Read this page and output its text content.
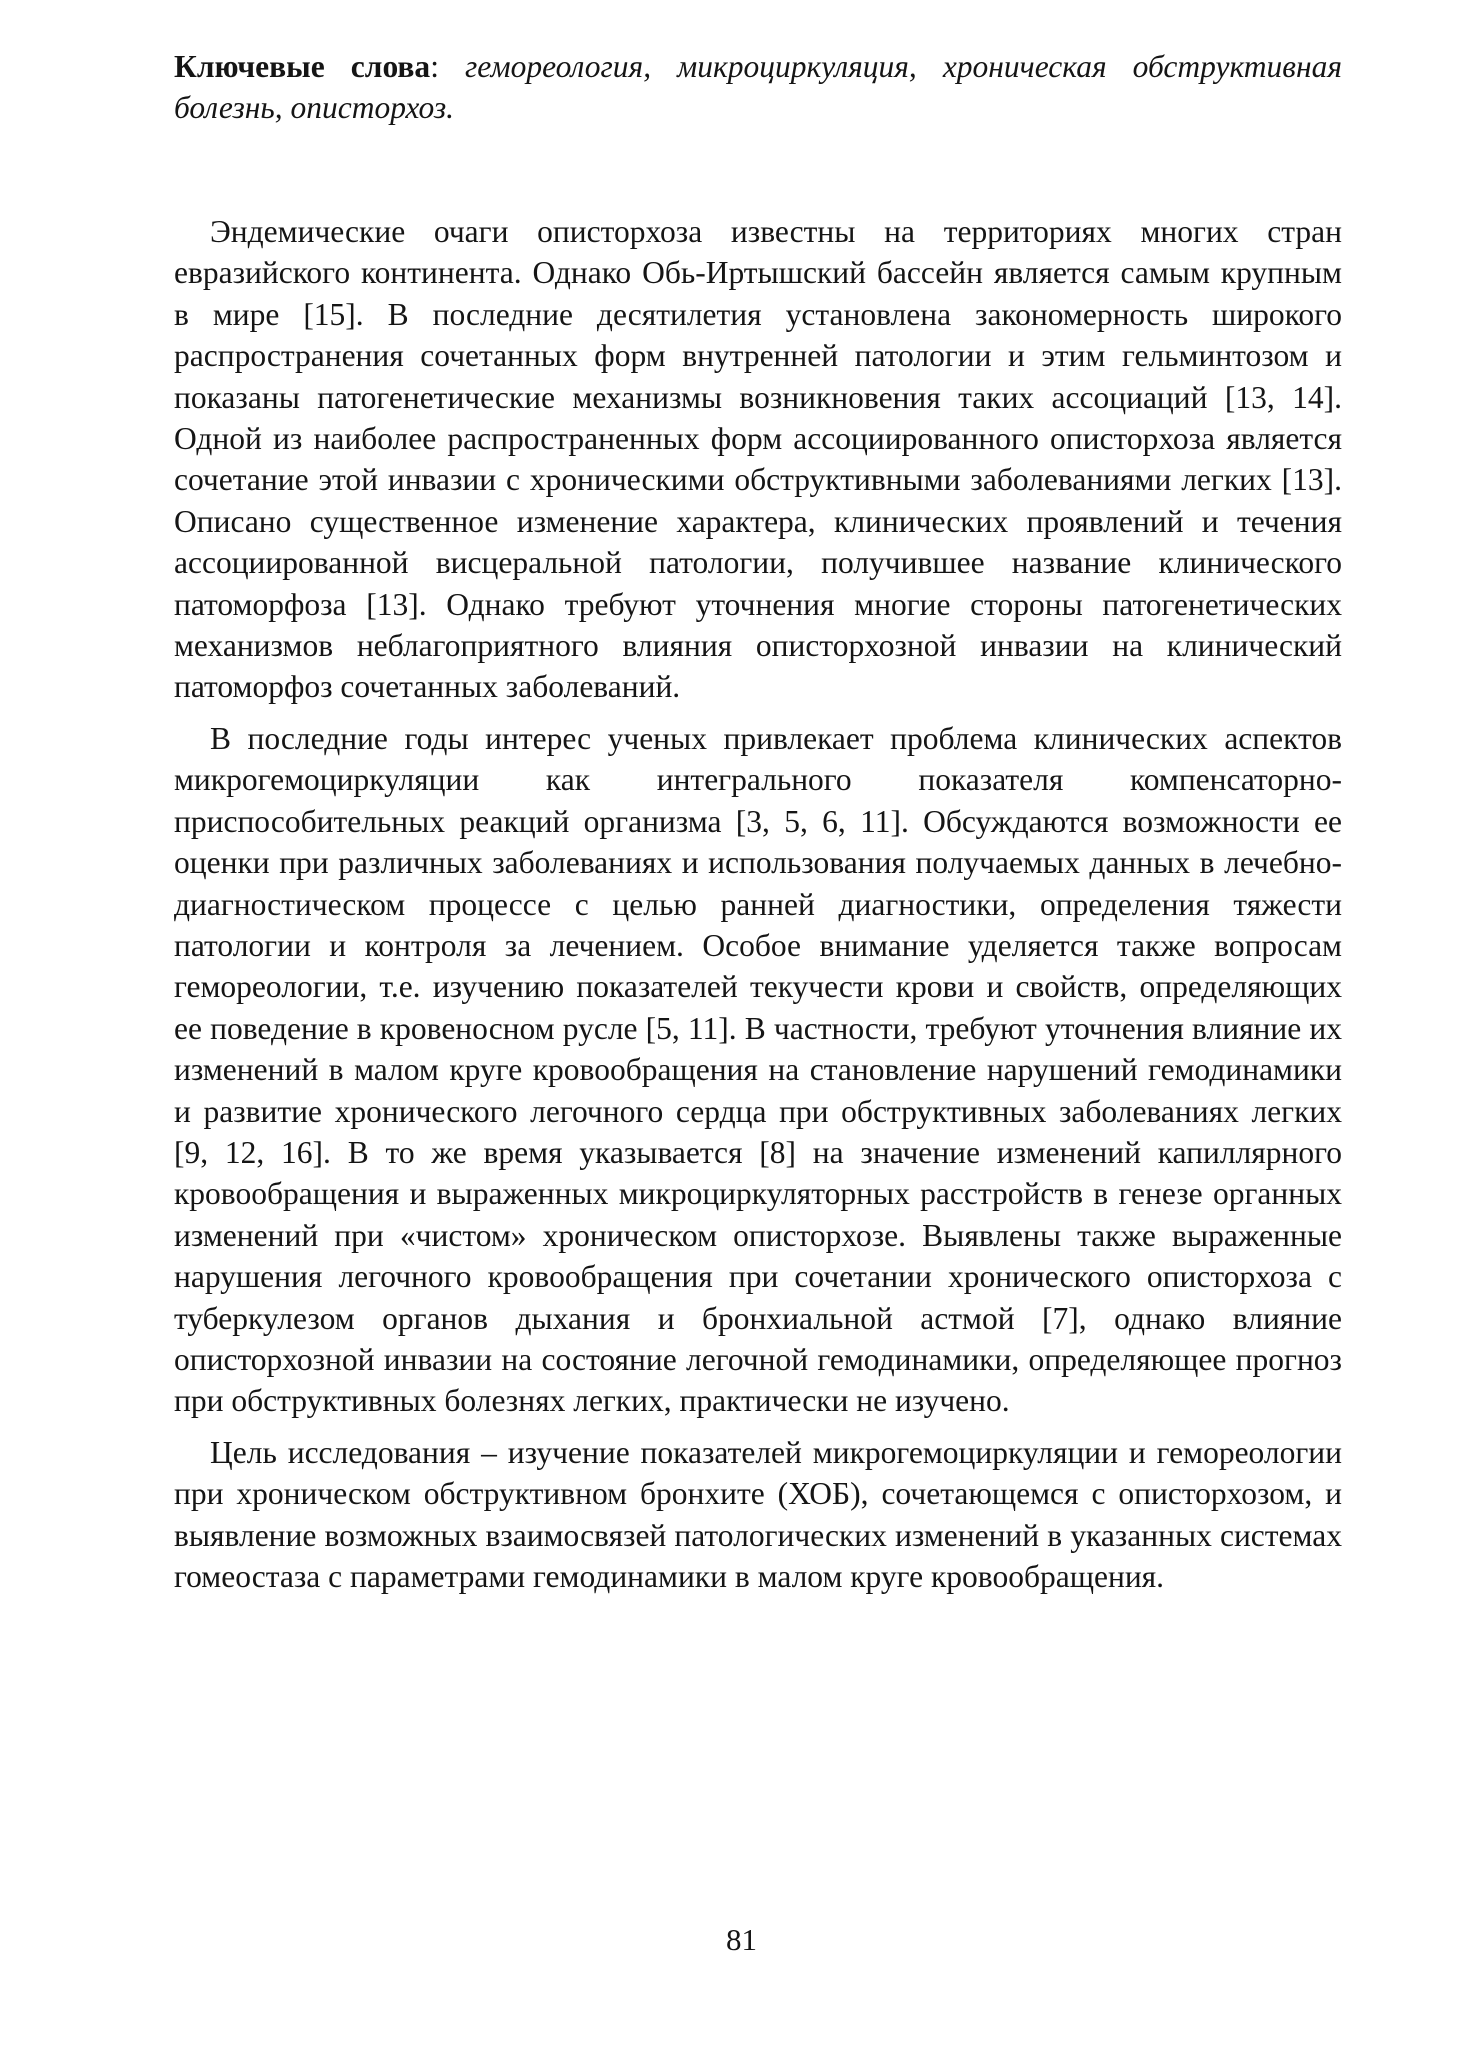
Ключевые слова: гемореология, микроциркуляция, хроническая обструктивная болезнь, описторхоз.

Эндемические очаги описторхоза известны на территориях многих стран евразийского континента. Однако Обь-Иртышский бассейн является самым крупным в мире [15]. В последние десятилетия установлена закономерность широкого распространения сочетанных форм внутренней патологии и этим гельминтозом и показаны патогенетические механизмы возникновения таких ассоциаций [13, 14]. Одной из наиболее распространенных форм ассоциированного описторхоза является сочетание этой инвазии с хроническими обструктивными заболеваниями легких [13]. Описано существенное изменение характера, клинических проявлений и течения ассоциированной висцеральной патологии, получившее название клинического патоморфоза [13]. Однако требуют уточнения многие стороны патогенетических механизмов неблагоприятного влияния описторхозной инвазии на клинический патоморфоз сочетанных заболеваний.

В последние годы интерес ученых привлекает проблема клинических аспектов микрогемоциркуляции как интегрального показателя компенсаторно-приспособительных реакций организма [3, 5, 6, 11]. Обсуждаются возможности ее оценки при различных заболеваниях и использования получаемых данных в лечебно-диагностическом процессе с целью ранней диагностики, определения тяжести патологии и контроля за лечением. Особое внимание уделяется также вопросам гемореологии, т.е. изучению показателей текучести крови и свойств, определяющих ее поведение в кровеносном русле [5, 11]. В частности, требуют уточнения влияние их изменений в малом круге кровообращения на становление нарушений гемодинамики и развитие хронического легочного сердца при обструктивных заболеваниях легких [9, 12, 16]. В то же время указывается [8] на значение изменений капиллярного кровообращения и выраженных микроциркуляторных расстройств в генезе органных изменений при «чистом» хроническом описторхозе. Выявлены также выраженные нарушения легочного кровообращения при сочетании хронического описторхоза с туберкулезом органов дыхания и бронхиальной астмой [7], однако влияние описторхозной инвазии на состояние легочной гемодинамики, определяющее прогноз при обструктивных болезнях легких, практически не изучено.

Цель исследования – изучение показателей микрогемоциркуляции и гемореологии при хроническом обструктивном бронхите (ХОБ), сочетающемся с описторхозом, и выявление возможных взаимосвязей патологических изменений в указанных системах гомеостаза с параметрами гемодинамики в малом круге кровообращения.

81
